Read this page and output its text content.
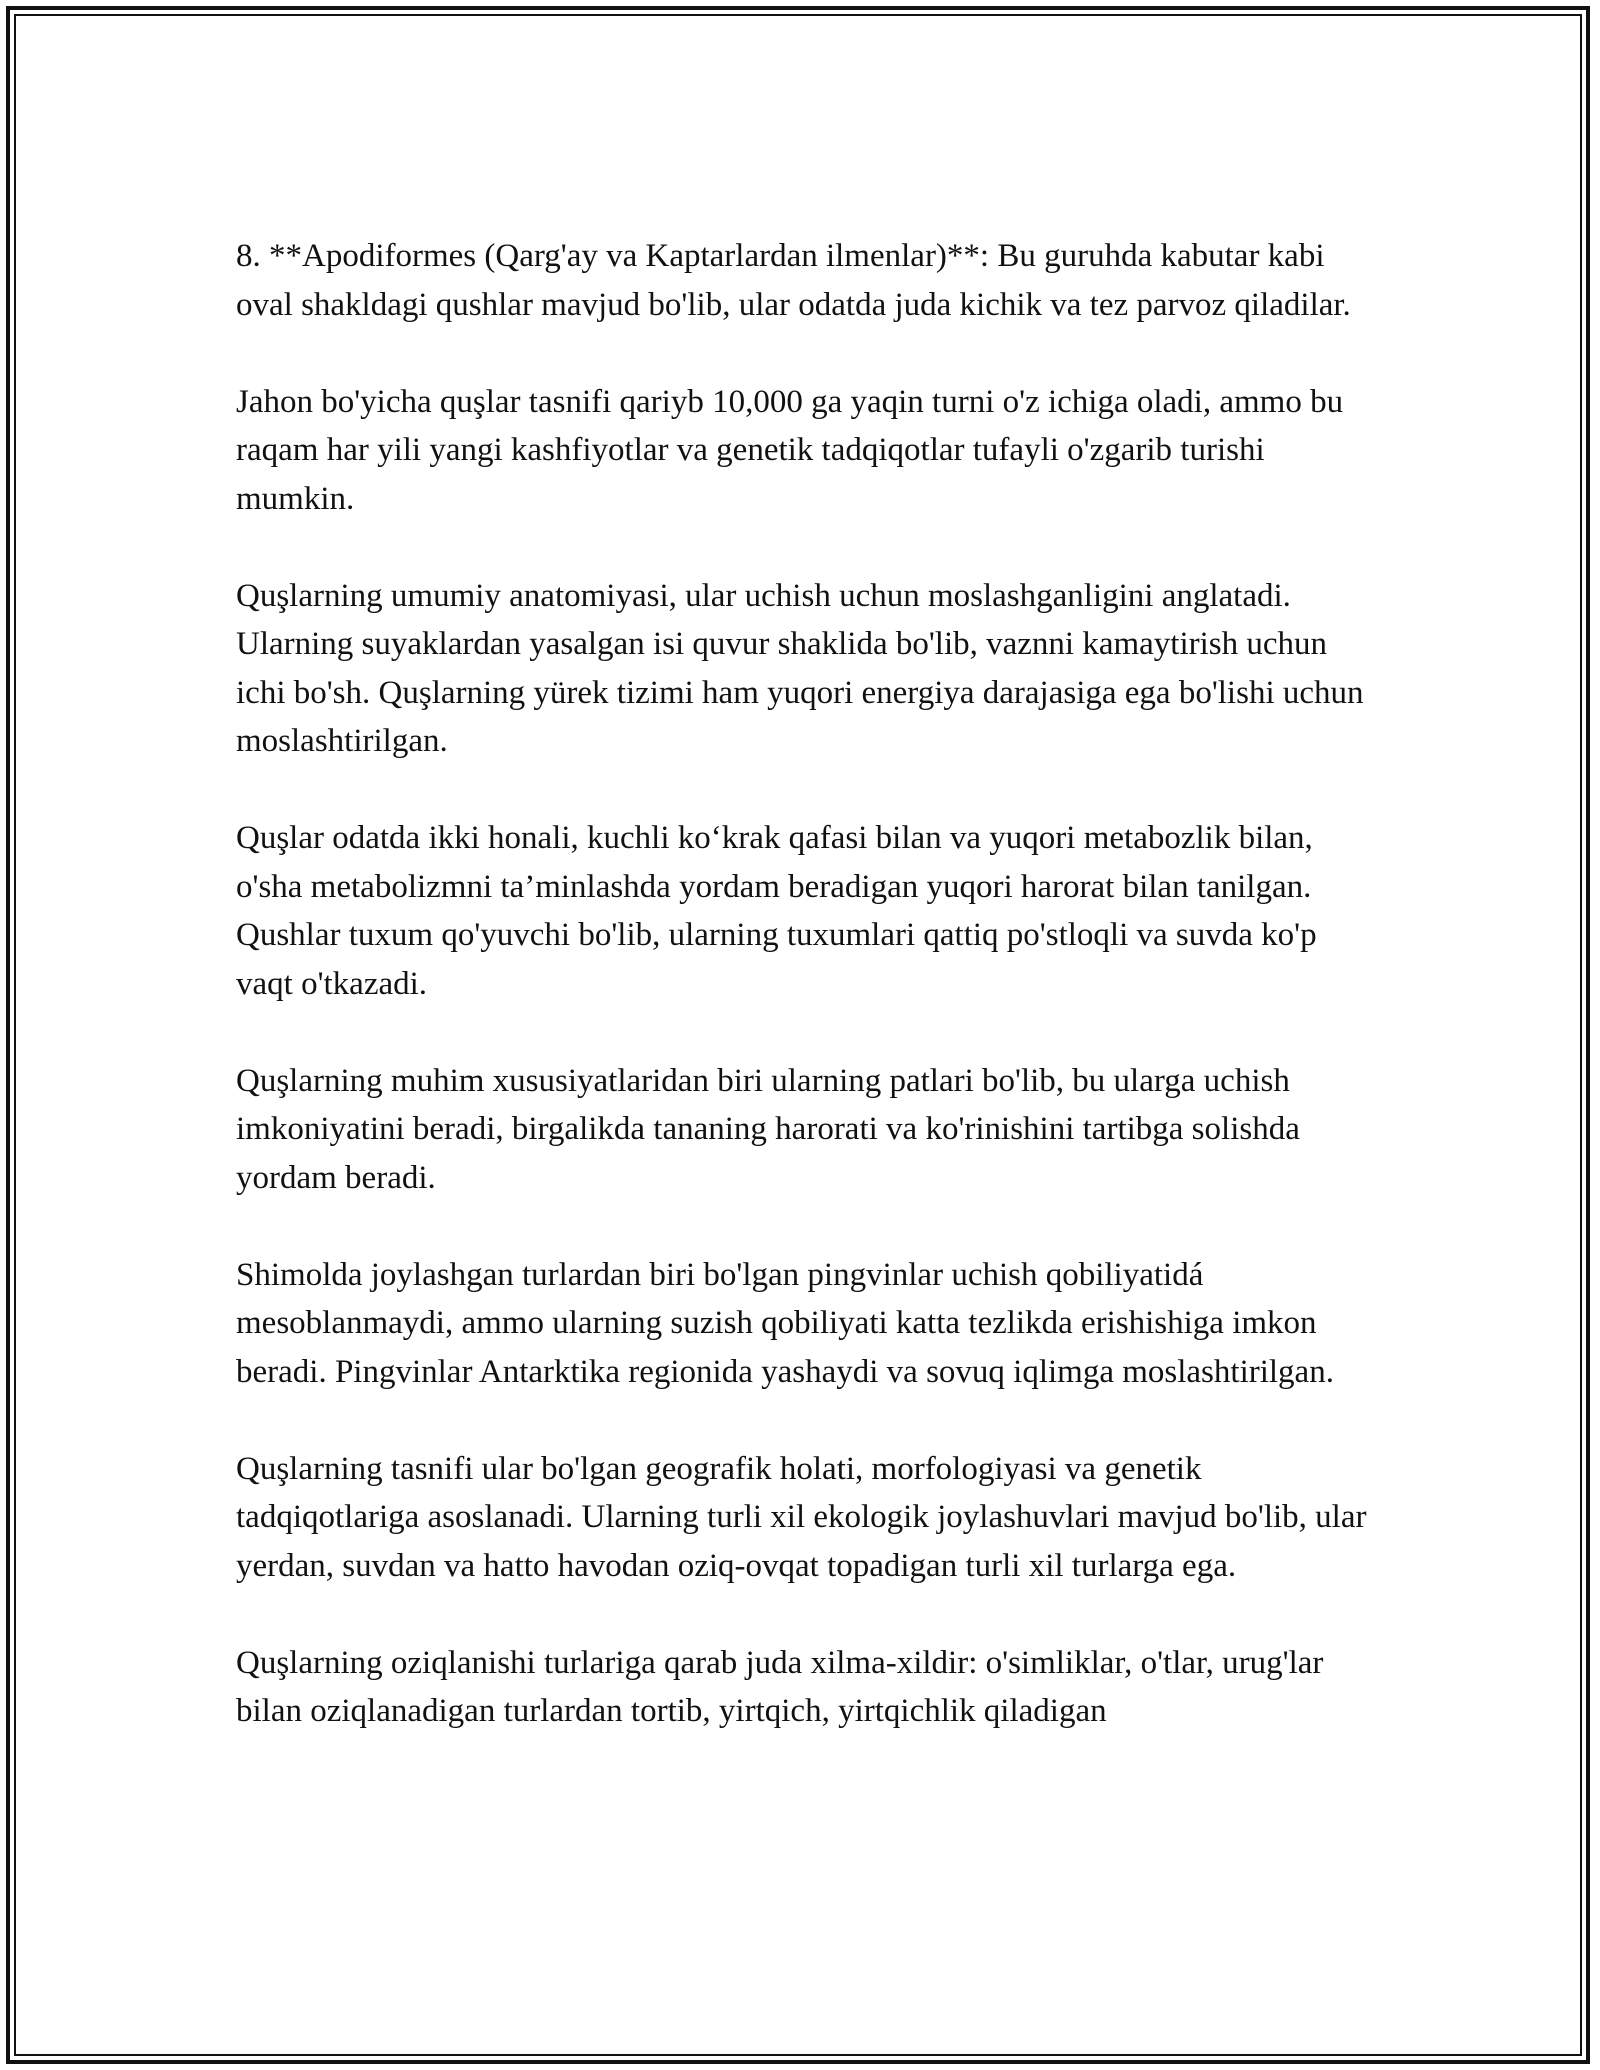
8. **Apodiformes (Qarg'ay va Kaptarlardan ilmenlar)**: Bu guruhda kabutar kabi oval shakldagi qushlar mavjud bo'lib, ular odatda juda kichik va tez parvoz qiladilar.

Jahon bo'yicha quşlar tasnifi qariyb 10,000 ga yaqin turni o'z ichiga oladi, ammo bu raqam har yili yangi kashfiyotlar va genetik tadqiqotlar tufayli o'zgarib turishi mumkin.

Quşlarning umumiy anatomiyasi, ular uchish uchun moslashganligini anglatadi. Ularning suyaklardan yasalgan isi quvur shaklida bo'lib, vaznni kamaytirish uchun ichi bo'sh. Quşlarning yürek tizimi ham yuqori energiya darajasiga ega bo'lishi uchun moslashtirilgan.

Quşlar odatda ikki honali, kuchli ko‘krak qafasi bilan va yuqori metabozlik bilan, o'sha metabolizmni ta’minlashda yordam beradigan yuqori harorat bilan tanilgan. Qushlar tuxum qo'yuvchi bo'lib, ularning tuxumlari qattiq po'stloqli va suvda ko'p vaqt o'tkazadi.

Quşlarning muhim xususiyatlaridan biri ularning patlari bo'lib, bu ularga uchish imkoniyatini beradi, birgalikda tananing harorati va ko'rinishini tartibga solishda yordam beradi.

Shimolda joylashgan turlardan biri bo'lgan pingvinlar uchish qobiliyatidá mesoblanmaydi, ammo ularning suzish qobiliyati katta tezlikda erishishiga imkon beradi. Pingvinlar Antarktika regionida yashaydi va sovuq iqlimga moslashtirilgan.

Quşlarning tasnifi ular bo'lgan geografik holati, morfologiyasi va genetik tadqiqotlariga asoslanadi. Ularning turli xil ekologik joylashuvlari mavjud bo'lib, ular yerdan, suvdan va hatto havodan oziq-ovqat topadigan turli xil turlarga ega.

Quşlarning oziqlanishi turlariga qarab juda xilma-xildir: o'simliklar, o'tlar, urug'lar bilan oziqlanadigan turlardan tortib, yirtqich, yirtqichlik qiladigan
